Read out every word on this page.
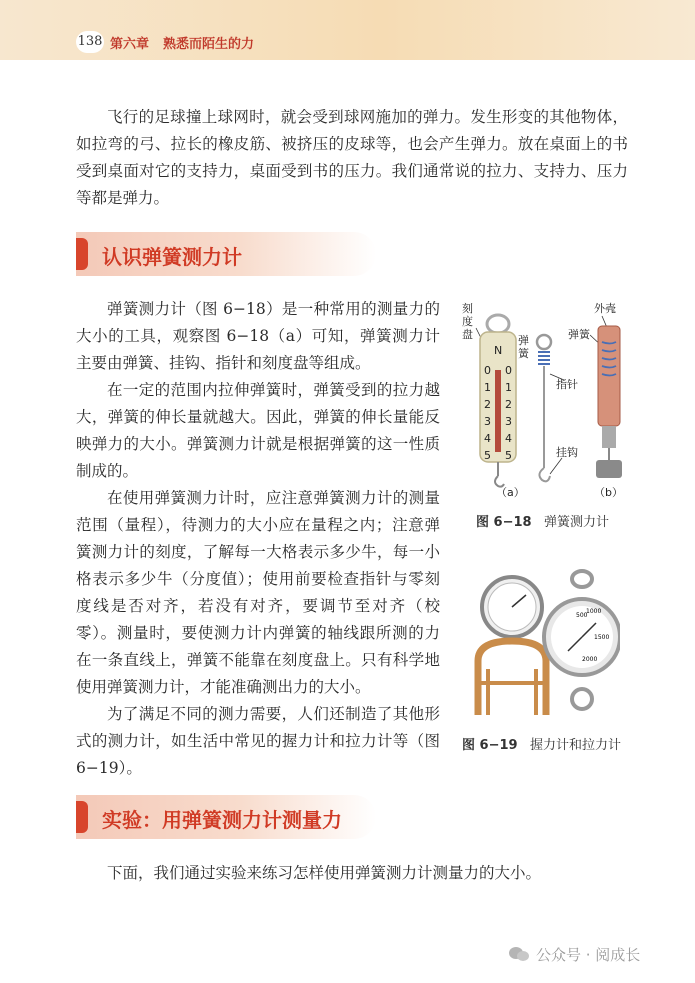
138 第六章 熟悉而陌生的力

飞行的足球撞上球网时，就会受到球网施加的弹力。发生形变的其他物体，如拉弯的弓、拉长的橡皮筋、被挤压的皮球等，也会产生弹力。放在桌面上的书受到桌面对它的支持力，桌面受到书的压力。我们通常说的拉力、支持力、压力等都是弹力。

认识弹簧测力计

弹簧测力计（图 6−18）是一种常用的测量力的大小的工具，观察图 6−18（a）可知，弹簧测力计主要由弹簧、挂钩、指针和刻度盘等组成。

在一定的范围内拉伸弹簧时，弹簧受到的拉力越大，弹簧的伸长量就越大。因此，弹簧的伸长量能反映弹力的大小。弹簧测力计就是根据弹簧的这一性质制成的。

在使用弹簧测力计时，应注意弹簧测力计的测量范围（量程），待测力的大小应在量程之内；注意弹簧测力计的刻度，了解每一大格表示多少牛，每一小格表示多少牛（分度值）；使用前要检查指针与零刻度线是否对齐，若没有对齐，要调节至对齐（校零）。测量时，要使测力计内弹簧的轴线跟所测的力在一条直线上，弹簧不能靠在刻度盘上。只有科学地使用弹簧测力计，才能准确测出力的大小。

为了满足不同的测力需要，人们还制造了其他形式的测力计，如生活中常见的握力计和拉力计等（图 6−19）。

刻
度
盘
N
0
1
2
3
4
5
0
1
2
3
4
5
弹
簧
指针
挂钩
外壳
弹簧
（a）	（b）
图 6−18 弹簧测力计
500
1000
1500
2000
图 6−19 握力计和拉力计
实验：用弹簧测力计测量力

下面，我们通过实验来练习怎样使用弹簧测力计测量力的大小。

公众号 · 阅成长
